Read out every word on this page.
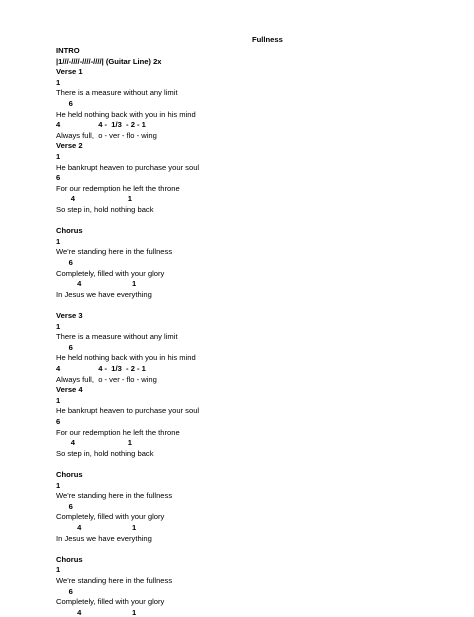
Fullness
INTRO
|1///-////-////-////| (Guitar Line) 2x
Verse 1
1
There is a measure without any limit
6
He held nothing back with you in his mind
4                  4 -  1/3  - 2 - 1
Always full,  o - ver - flo - wing
Verse 2
1
He bankrupt heaven to purchase your soul
6
For our redemption he left the throne
4                         1
So step in, hold nothing back
Chorus
1
We're standing here in the fullness
6
Completely, filled with your glory
4                        1
In Jesus we have everything
Verse 3
1
There is a measure without any limit
6
He held nothing back with you in his mind
4                  4 -  1/3  - 2 - 1
Always full,  o - ver - flo - wing
Verse 4
1
He bankrupt heaven to purchase your soul
6
For our redemption he left the throne
4                         1
So step in, hold nothing back
Chorus
1
We're standing here in the fullness
6
Completely, filled with your glory
4                        1
In Jesus we have everything
Chorus
1
We're standing here in the fullness
6
Completely, filled with your glory
4                        1
